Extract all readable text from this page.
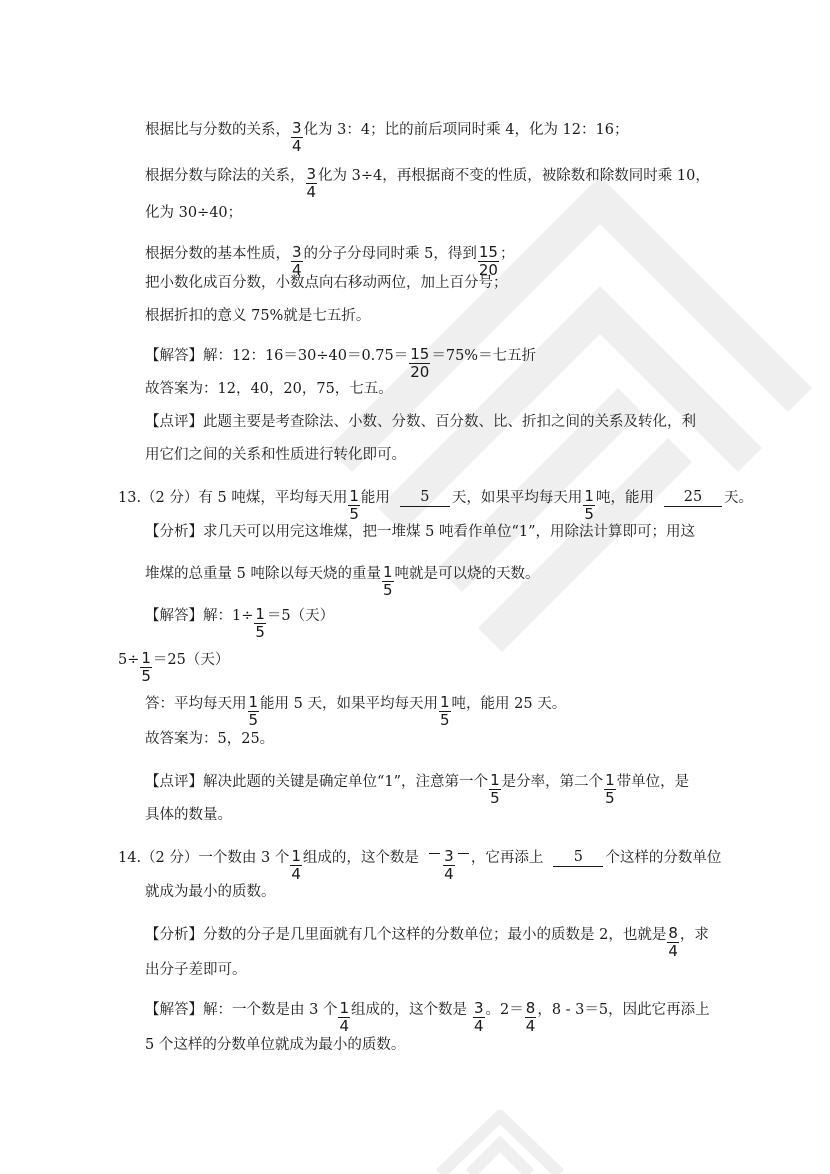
根据比与分数的关系， $\frac{3}{4}$ 化为 3：4；比的前后项同时乘 4，化为 12：16；
根据分数与除法的关系， $\frac{3}{4}$ 化为 3÷4，再根据商不变的性质，被除数和除数同时乘 10，
化为 30÷40；
根据分数的基本性质， $\frac{3}{4}$ 的分子分母同时乘 5，得到 $\frac{15}{20}$ ；
把小数化成百分数，小数点向右移动两位，加上百分号；
根据折扣的意义 75%就是七五折。
【解答】解：12：$16=30\div 40=0.75= \frac{15}{20} =75\%=$七五折
故答案为：12，40，20，75，七五。
【点评】此题主要是考查除法、小数、分数、百分数、比、折扣之间的关系及转化，利
用它们之间的关系和性质进行转化即可。
13. （2 分） 有 5 吨煤，平均每天用 $\frac{1}{5}$ 能用	5	天，如果平均每天用 $\frac{1}{5}$ 吨，能用	25	天。
【分析】求几天可以用完这堆煤，把一堆煤 5 吨看作单位“1”，用除法计算即可；用这
堆煤的总重量 5 吨除以每天烧的重量 $\frac{1}{5}$ 吨就是可以烧的天数。
【解答】解：$1\div \frac{1}{5} =5$（天）
$5\div \frac{1}{5} =25$（天）
答：平均每天用 $\frac{1}{5}$ 能用 5 天，如果平均每天用 $\frac{1}{5}$ 吨，能用 25 天。
故答案为：5，25。
【点评】解决此题的关键是确定单位“1”，注意第一个 $\frac{1}{5}$ 是分率，第二个 $\frac{1}{5}$ 带单位，是
具体的数量。
14. （2 分） 一个数由 3 个 $\frac{1}{4}$ 组成的，这个数是 $\frac{3}{4}$ ，它再添上	5	个这样的分数单位
就成为最小的质数。
【分析】分数的分子是几里面就有几个这样的分数单位；最小的质数是 2，也就是 $\frac{8}{4}$ ，求
出分子差即可。
【解答】解：一个数是由 3 个 $\frac{1}{4}$ 组成的，这个数是 $\frac{3}{4}$ 。$2= \frac{8}{4}$ ，8 - 3＝5，因此它再添上
5 个这样的分数单位就成为最小的质数。
